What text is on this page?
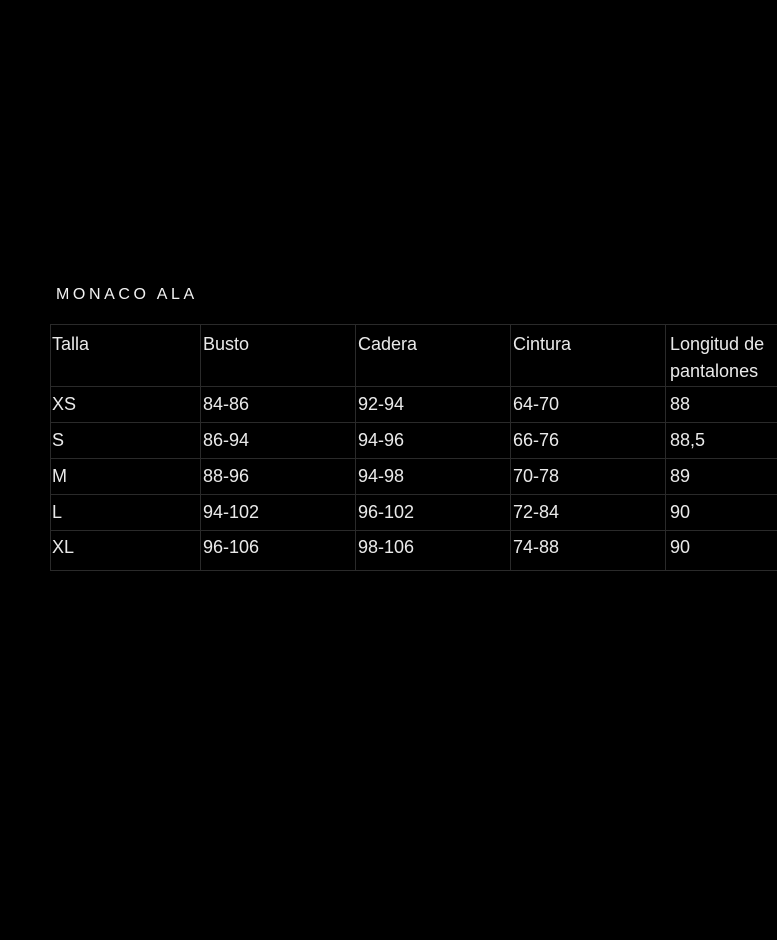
MONACO ALA
Talla	Busto	Cadera	Cintura	Longitud de pantalones
XS	84-86	92-94	64-70	88
S	86-94	94-96	66-76	88,5
M	88-96	94-98	70-78	89
L	94-102	96-102	72-84	90
XL	96-106	98-106	74-88	90
